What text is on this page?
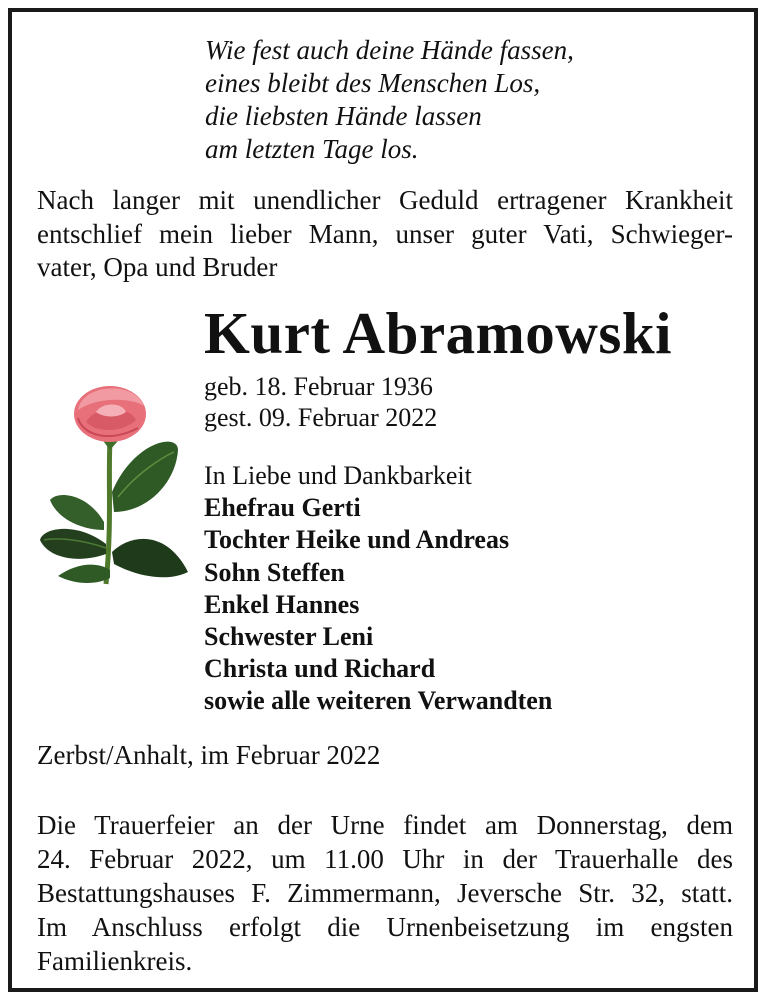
Wie fest auch deine Hände fassen,
eines bleibt des Menschen Los,
die liebsten Hände lassen
am letzten Tage los.
Nach langer mit unendlicher Geduld ertragener Krankheit
entschlief mein lieber Mann, unser guter Vati, Schwieger-
vater, Opa und Bruder
Kurt Abramowski
geb. 18. Februar 1936
gest. 09. Februar 2022
In Liebe und Dankbarkeit
Ehefrau Gerti
Tochter Heike und Andreas
Sohn Steffen
Enkel Hannes
Schwester Leni
Christa und Richard
sowie alle weiteren Verwandten
Zerbst/Anhalt, im Februar 2022
Die Trauerfeier an der Urne findet am Donnerstag, dem
24. Februar 2022, um 11.00 Uhr in der Trauerhalle des
Bestattungshauses F. Zimmermann, Jeversche Str. 32, statt.
Im Anschluss erfolgt die Urnenbeisetzung im engsten
Familienkreis.
